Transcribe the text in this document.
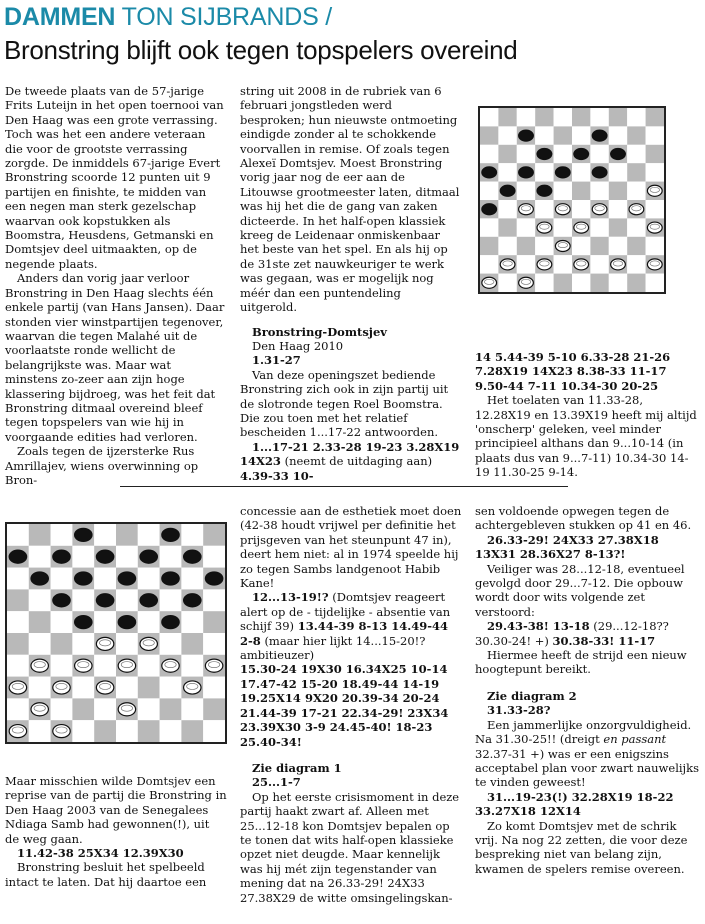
DAMMEN TON SIJBRANDS /
Bronstring blijft ook tegen topspelers overeind

De tweede plaats van de 57-jarige Frits Luteijn in het open toernooi van Den Haag was een grote verrassing. Toch was het een andere veteraan die voor de grootste verrassing zorgde. De inmiddels 67-jarige Evert Bronstring scoorde 12 punten uit 9 partijen en finishte, te midden van een negen man sterk gezelschap waarvan ook kopstukken als Boomstra, Heusdens, Getmanski en Domtsjev deel uitmaakten, op de negende plaats.

Anders dan vorig jaar verloor Bronstring in Den Haag slechts één enkele partij (van Hans Jansen). Daar stonden vier winstpartijen tegenover, waarvan die tegen Malahé uit de voorlaatste ronde wellicht de belangrijkste was. Maar wat minstens zo-zeer aan zijn hoge klassering bijdroeg, was het feit dat Bronstring ditmaal overeind bleef tegen topspelers van wie hij in voorgaande edities had verloren.

Zoals tegen de ijzersterke Rus Amrillajev, wiens overwinning op Bron-

string uit 2008 in de rubriek van 6 februari jongstleden werd besproken; hun nieuwste ontmoeting eindigde zonder al te schokkende voorvallen in remise. Of zoals tegen Alexeï Domtsjev. Moest Bronstring vorig jaar nog de eer aan de Litouwse grootmeester laten, ditmaal was hij het die de gang van zaken dicteerde. In het half-open klassiek kreeg de Leidenaar onmiskenbaar het beste van het spel. En als hij op de 31ste zet nauwkeuriger te werk was gegaan, was er mogelijk nog méér dan een puntendeling uitgerold.

Bronstring-Domtsjev

Den Haag 2010

1.31-27

Van deze openingszet bediende Bronstring zich ook in zijn partij uit de slotronde tegen Roel Boomstra. Die zou toen met het relatief bescheiden 1...17-22 antwoorden.

1...17-21 2.33-28 19-23 3.28X19 14X23 (neemt de uitdaging aan) 4.39-33 10-

14 5.44-39 5-10 6.33-28 21-26 7.28X19 14X23 8.38-33 11-17 9.50-44 7-11 10.34-30 20-25

Het toelaten van 11.33-28, 12.28X19 en 13.39X19 heeft mij altijd 'onscherp' geleken, veel minder principieel althans dan 9...10-14 (in plaats dus van 9...7-11) 10.34-30 14-19 11.30-25 9-14.

Maar misschien wilde Domtsjev een reprise van de partij die Bronstring in Den Haag 2003 van de Senegalees Ndiaga Samb had gewonnen(!), uit de weg gaan.

11.42-38 25X34 12.39X30

Bronstring besluit het spelbeeld intact te laten. Dat hij daartoe een

concessie aan de esthetiek moet doen (42-38 houdt vrijwel per definitie het prijsgeven van het steunpunt 47 in), deert hem niet: al in 1974 speelde hij zo tegen Sambs landgenoot Habib Kane!

12...13-19!? (Domtsjev reageert alert op de - tijdelijke - absentie van schijf 39) 13.44-39 8-13 14.49-44 2-8 (maar hier lijkt 14...15-20!? ambitieuzer)

15.30-24 19X30 16.34X25 10-14 17.47-42 15-20 18.49-44 14-19 19.25X14 9X20 20.39-34 20-24 21.44-39 17-21 22.34-29! 23X34 23.39X30 3-9 24.45-40! 18-23 25.40-34!

Zie diagram 1

25...1-7

Op het eerste crisismoment in deze partij haakt zwart af. Alleen met 25...12-18 kon Domtsjev bepalen op te tonen dat wits half-open klassieke opzet niet deugde. Maar kennelijk was hij mét zijn tegenstander van mening dat na 26.33-29! 24X33 27.38X29 de witte omsingelingskan-

sen voldoende opwegen tegen de achtergebleven stukken op 41 en 46.

26.33-29! 24X33 27.38X18 13X31 28.36X27 8-13?!

Veiliger was 28...12-18, eventueel gevolgd door 29...7-12. Die opbouw wordt door wits volgende zet verstoord:

29.43-38! 13-18 (29...12-18?? 30.30-24! +) 30.38-33! 11-17

Hiermee heeft de strijd een nieuw hoogtepunt bereikt.

Zie diagram 2

31.33-28?

Een jammerlijke onzorgvuldigheid. Na 31.30-25!! (dreigt en passant 32.37-31 +) was er een enigszins acceptabel plan voor zwart nauwelijks te vinden geweest!

31...19-23(!) 32.28X19 18-22 33.27X18 12X14

Zo komt Domtsjev met de schrik vrij. Na nog 22 zetten, die voor deze bespreking niet van belang zijn, kwamen de spelers remise overeen.
